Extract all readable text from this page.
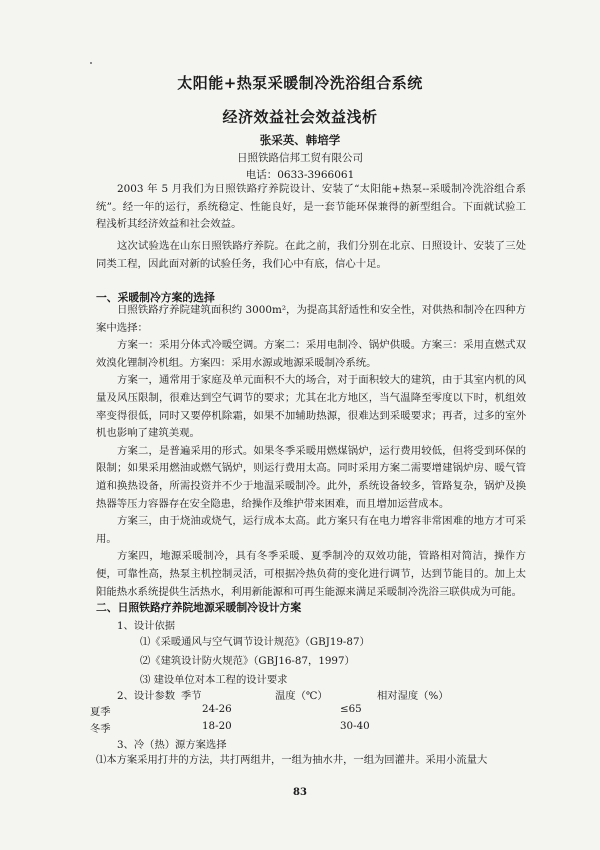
太阳能+热泵采暖制冷洗浴组合系统
经济效益社会效益浅析
张采英、韩培学
日照铁路信邦工贸有限公司
电话：0633-3966061

2003 年 5 月我们为日照铁路疗养院设计、安装了“太阳能+热泵--采暖制冷洗浴组合系统”。经一年的运行，系统稳定、性能良好，是一套节能环保兼得的新型组合。下面就试验工程浅析其经济效益和社会效益。

这次试验选在山东日照铁路疗养院。在此之前，我们分别在北京、日照设计、安装了三处同类工程，因此面对新的试验任务，我们心中有底，信心十足。

一、采暖制冷方案的选择

日照铁路疗养院建筑面积约 3000m²，为提高其舒适性和安全性，对供热和制冷在四种方案中选择：

方案一：采用分体式冷暖空调。方案二：采用电制冷、锅炉供暖。方案三：采用直燃式双效溴化锂制冷机组。方案四：采用水源或地源采暖制冷系统。

方案一，通常用于家庭及单元面积不大的场合，对于面积较大的建筑，由于其室内机的风量及风压限制，很难达到空气调节的要求；尤其在北方地区，当气温降至零度以下时，机组效率变得很低，同时又要停机除霜，如果不加辅助热源，很难达到采暖要求；再者，过多的室外机也影响了建筑美观。

方案二，是普遍采用的形式。如果冬季采暖用燃煤锅炉，运行费用较低，但将受到环保的限制；如果采用燃油或燃气锅炉，则运行费用太高。同时采用方案二需要增建锅炉房、暖气管道和换热设备，所需投资并不少于地温采暖制冷。此外，系统设备较多，管路复杂，锅炉及换热器等压力容器存在安全隐患，给操作及维护带来困难，而且增加运营成本。

方案三，由于烧油或烧气，运行成本太高。此方案只有在电力增容非常困难的地方才可采用。

方案四，地源采暖制冷，具有冬季采暖、夏季制冷的双效功能，管路相对简洁，操作方便，可靠性高，热泵主机控制灵活，可根据冷热负荷的变化进行调节，达到节能目的。加上太阳能热水系统提供生活热水，利用新能源和可再生能源来满足采暖制冷洗浴三联供成为可能。

二、日照铁路疗养院地源采暖制冷设计方案
1、设计依据
⑴《采暖通风与空气调节设计规范》（GBJ19-87）
⑵《建筑设计防火规范》（GBJ16-87，1997）
⑶ 建设单位对本工程的设计要求
2、设计参数 季节	温度（℃）	相对湿度（%）
夏季	24-26	≤65
冬季	18-20	30-40
3、冷（热）源方案选择
⑴本方案采用打井的方法，共打两组井，一组为抽水井，一组为回灌井。采用小流量大
83
